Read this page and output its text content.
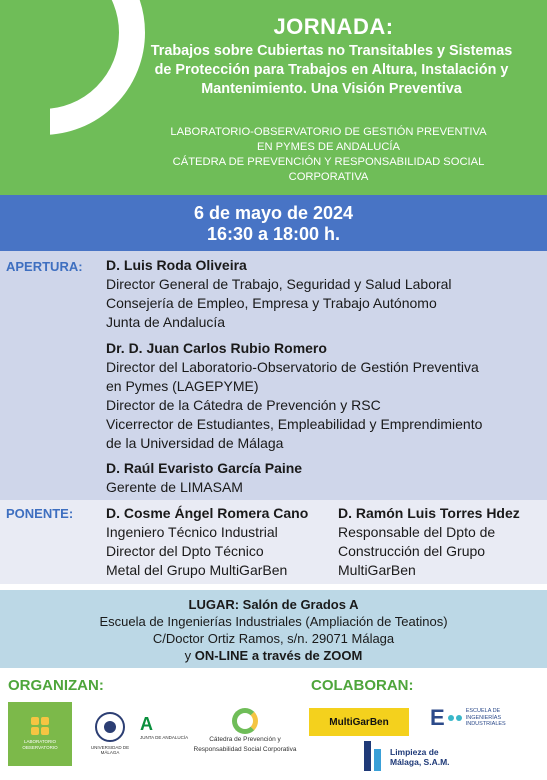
JORNADA:
Trabajos sobre Cubiertas no Transitables y Sistemas
de Protección para Trabajos en Altura, Instalación y
Mantenimiento. Una Visión Preventiva
LABORATORIO-OBSERVATORIO DE GESTIÓN PREVENTIVA
EN PYMES DE ANDALUCÍA
CÁTEDRA DE PREVENCIÓN Y RESPONSABILIDAD SOCIAL
CORPORATIVA
6 de mayo de 2024
16:30 a 18:00 h.
APERTURA: D. Luis Roda Oliveira
Director General de Trabajo, Seguridad y Salud Laboral
Consejería de Empleo, Empresa y Trabajo Autónomo
Junta de Andalucía
Dr. D. Juan Carlos Rubio Romero
Director del Laboratorio-Observatorio de Gestión Preventiva
en Pymes (LAGEPYME)
Director de la Cátedra de Prevención y RSC
Vicerrector de Estudiantes, Empleabilidad y Emprendimiento
de la Universidad de Málaga
D. Raúl Evaristo García Paine
Gerente de LIMASAM
PONENTE: D. Cosme Ángel Romera Cano
Ingeniero Técnico Industrial
Director del Dpto Técnico
Metal del Grupo MultiGarBen
D. Ramón Luis Torres Hdez
Responsable del Dpto de
Construcción del Grupo
MultiGarBen
LUGAR: Salón de Grados A
Escuela de Ingenierías Industriales (Ampliación de Teatinos)
C/Doctor Ortiz Ramos, s/n. 29071 Málaga
y ON-LINE a través de ZOOM
ORGANIZAN:
LABORATORIO OBSERVATORIO	UNIVERSIDAD DE MÁLAGA
A
JUNTA DE ANDALUCÍA	Cátedra de Prevención y
Responsabilidad Social Corporativa
COLABORAN:
MultiGarBen	E	ESCUELA DE
INGENIERÍAS
INDUSTRIALES
Limpieza de
Málaga, S.A.M.
